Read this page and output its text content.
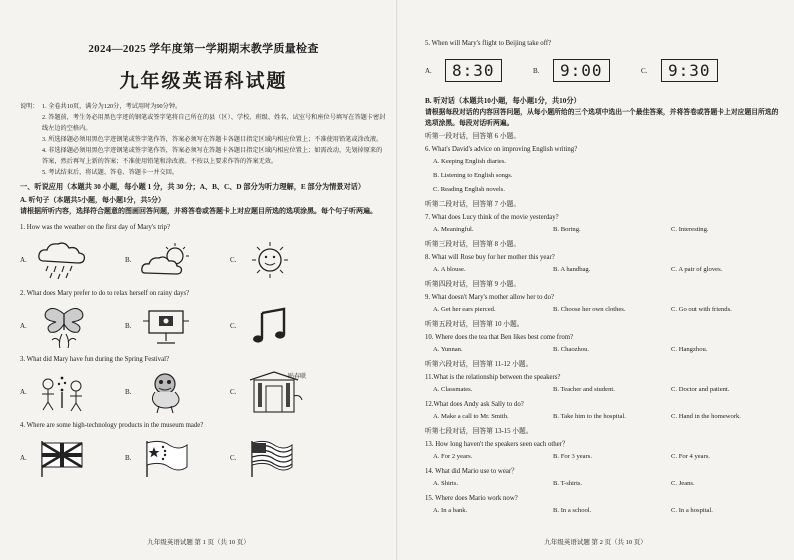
2024—2025 学年度第一学期期末教学质量检查
九年级英语科试题
说明： 1. 全卷共10页，满分为120分，考试用时为90分钟。
2. 答题前，考生务必用黑色字迹的钢笔或签字笔将自己所在的县（区）、学校、班级、姓名、试室号和座位号填写在答题卡密封线左边的空格内。
3. 所选择题必须用黑色字迹钢笔或签字笔作答，答案必须写在答题卡各题目指定区域内相应位置上；不准使用铅笔或涂改液。
4. 非选择题必须用黑色字迹钢笔或签字笔作答，答案必须写在答题卡各题目指定区域内相应位置上；如需改动，先划掉原来的答案，然后再写上新的答案；不准使用铅笔和涂改液。不按以上要求作答的答案无效。
5. 考试结束后，将试题、答卷、答题卡一并交回。
一、听说应用（本题共 30 小题，每小题 1 分，共 30 分；A、B、C、D 部分为听力理解，E 部分为情景对话）
A. 听句子（本题共5小题，每小题1分，共5分）
请根据所听内容，选择符合题意的图画回答问题，并将答卷或答题卡上对应题目所选的选项涂黑。每个句子听两遍。
1. How was the weather on the first day of Mary's trip?
A.	B.	C.
2. What does Mary prefer to do to relax herself on rainy days?
A.	B.	C.
3. What did Mary have fun during the Spring Festival?
A.	B.	C.
贴春联
4. Where are some high-technology products in the museum made?
A.	B.	C.
九年级英语试题 第 1 页（共 10 页）
5. When will Mary's flight to Beijing take off?
A.	8:30	B.	9:00	C.	9:30
B. 听对话（本题共10小题，每小题1分，共10分）
请根据每段对话的内容回答问题，从每小题所给的三个选项中选出一个最佳答案，并将答卷或答题卡上对应题目所选的选项涂黑。每段对话听两遍。
听第一段对话，回答第 6 小题。
6. What's David's advice on improving English writing?
A. Keeping English diaries.
B. Listening to English songs.
C. Reading English novels.
听第二段对话，回答第 7 小题。
7. What does Lucy think of the movie yesterday?
A. Meaningful.	B. Boring.	C. Interesting.
听第三段对话，回答第 8 小题。
8. What will Rose buy for her mother this year?
A. A blouse.	B. A handbag.	C. A pair of gloves.
听第四段对话，回答第 9 小题。
9. What doesn't Mary's mother allow her to do?
A. Get her ears pierced.	B. Choose her own clothes.	C. Go out with friends.
听第五段对话，回答第 10 小题。
10. Where does the tea that Ben likes best come from?
A. Yunnan.	B. Chaozhou.	C. Hangzhou.
听第六段对话，回答第 11-12 小题。
11.What is the relationship between the speakers?
A. Classmates.	B. Teacher and student.	C. Doctor and patient.
12.What does Andy ask Sally to do?
A. Make a call to Mr. Smith.	B. Take him to the hospital.	C. Hand in the homework.
听第七段对话，回答第 13-15 小题。
13. How long haven't the speakers seen each other？
A. For 2 years.	B. For 3 years.	C. For 4 years.
14. What did Mario use to wear？
A. Shirts.	B. T-shirts.	C. Jeans.
15. Where does Mario work now?
A. In a bank.	B. In a school.	C. In a hospital.
九年级英语试题 第 2 页（共 10 页）
